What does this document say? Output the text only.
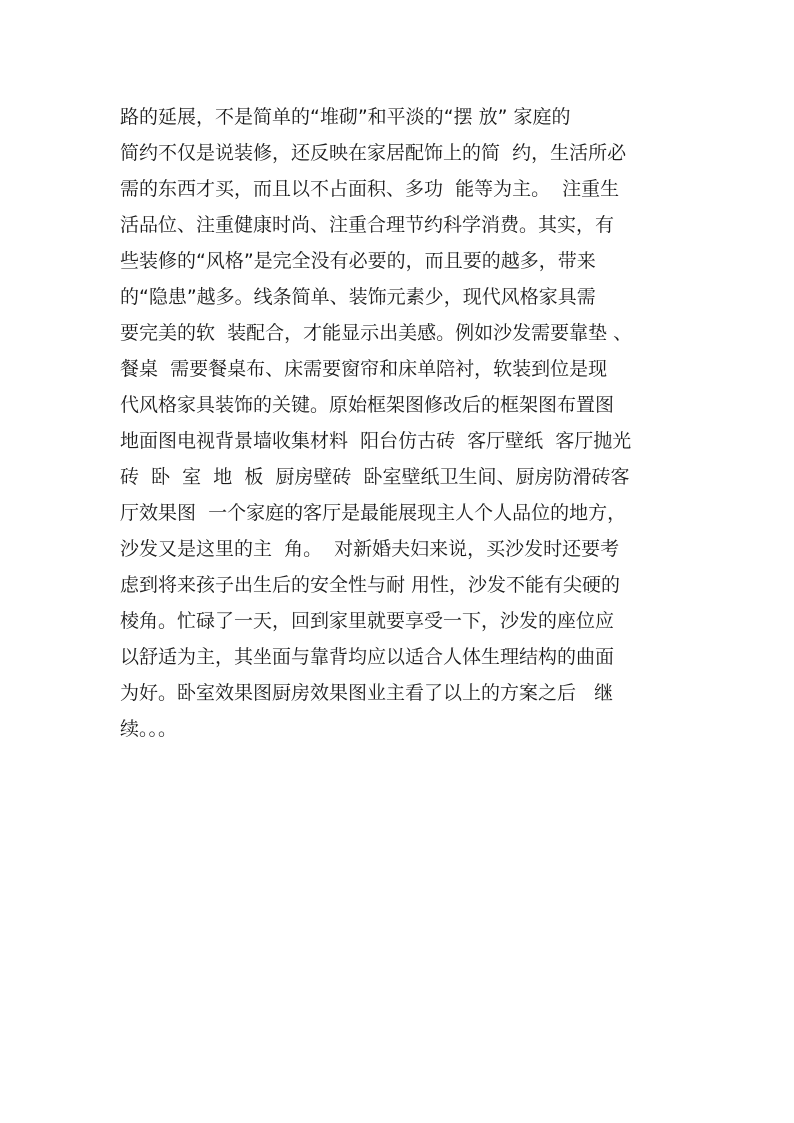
路的延展，不是简单的“堆砌”和平淡的“摆 放” 家庭的
简约不仅是说装修，还反映在家居配饰上的简  约，生活所必
需的东西才买，而且以不占面积、多功  能等为主。  注重生
活品位、注重健康时尚、注重合理节约科学消费。其实，有
些装修的“风格”是完全没有必要的，而且要的越多，带来
的“隐患”越多。线条简单、装饰元素少，现代风格家具需
要完美的软  装配合，才能显示出美感。例如沙发需要靠垫 、
餐桌  需要餐桌布、床需要窗帘和床单陪衬，软装到位是现
代风格家具装饰的关键。原始框架图修改后的框架图布置图
地面图电视背景墙收集材料  阳台仿古砖  客厅壁纸  客厅抛光
砖  卧  室  地  板  厨房壁砖  卧室壁纸卫生间、厨房防滑砖客
厅效果图  一个家庭的客厅是最能展现主人个人品位的地方，
沙发又是这里的主  角。  对新婚夫妇来说，买沙发时还要考
虑到将来孩子出生后的安全性与耐 用性，沙发不能有尖硬的
棱角。忙碌了一天，回到家里就要享受一下，沙发的座位应
以舒适为主，其坐面与靠背均应以适合人体生理结构的曲面
为好。卧室效果图厨房效果图业主看了以上的方案之后   继
续。。。
